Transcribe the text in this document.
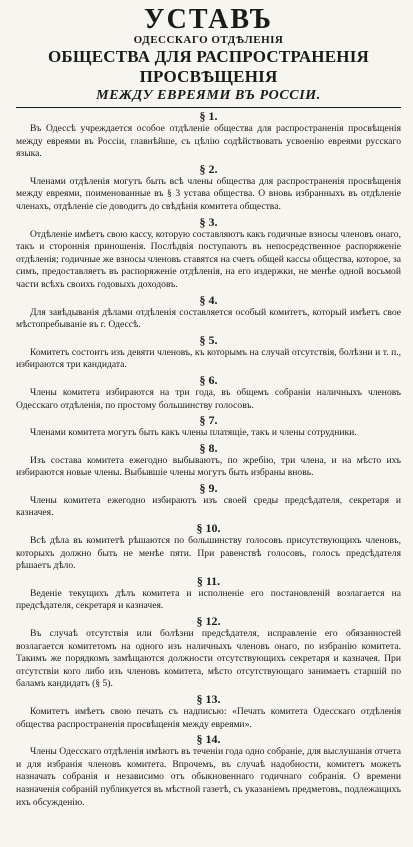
УСТАВЪ
ОДЕССКАГО ОТДѢЛЕНІЯ
ОБЩЕСТВА ДЛЯ РАСПРОСТРАНЕНІЯ ПРОСВѢЩЕНІЯ
МЕЖДУ ЕВРЕЯМИ ВЪ РОССІИ.
§ 1.

Въ Одессѣ учреждается особое отдѣленіе общества для распространенія просвѣщенія между евреями въ Россіи, главнѣйше, съ цѣлію содѣйствовать усвоенію евреями русскаго языка.

§ 2.

Членами отдѣленія могутъ быть всѣ члены общества для распространенія просвѣщенія между евреями, поименованные въ § 3 устава общества. О вновь избранныхъ въ отдѣленіе членахъ, отдѣленіе сіе доводитъ до свѣдѣнія комитета общества.

§ 3.

Отдѣленіе имѣетъ свою кассу, которую составляютъ какъ годичные взносы членовъ онаго, такъ и стороннія приношенія. Послѣдвія поступаютъ въ непосредственное распоряженіе отдѣленія; годичные же взносы членовъ ставятся на счетъ общей кассы общества, которое, за симъ, предоставляетъ въ распоряженіе отдѣленія, на его издержки, не менѣе одной восьмой части всѣхъ своихъ годовыхъ доходовъ.

§ 4.

Для завѣдыванія дѣлами отдѣленія составляется особый комитетъ, который имѣетъ свое мѣстопребываніе въ г. Одессѣ.

§ 5.

Комитетъ состоитъ изъ девяти членовъ, къ которымъ на случай отсутствія, болѣзни и т. п., избираются три кандидата.

§ 6.

Члены комитета избираются на три года, въ общемъ собраніи наличныхъ членовъ Одесскаго отдѣленія, по простому большинству голосовъ.

§ 7.

Членами комитета могутъ быть какъ члены платящіе, такъ и члены сотрудники.

§ 8.

Изъ состава комитета ежегодно выбываютъ, по жребію, три члена, и на мѣсто ихъ избираются новые члены. Выбывшіе члены могутъ быть избраны вновь.

§ 9.

Члены комитета ежегодно избираютъ изъ своей среды предсѣдателя, секретаря и казначея.

§ 10.

Всѣ дѣла въ комитетѣ рѣшаются по большинству голосовъ присутствующихъ членовъ, которыхъ должно быть не менѣе пяти. При равенствѣ голосовъ, голосъ предсѣдателя рѣшаетъ дѣло.

§ 11.

Веденіе текущихъ дѣлъ комитета и исполненіе его постановленій возлагается на предсѣдателя, секретаря и казначея.

§ 12.

Въ случаѣ отсутствія или болѣзни предсѣдателя, исправленіе его обязанностей возлагается комитетомъ на одного изъ наличныхъ членовъ онаго, по избранію комитета. Такимъ же порядкомъ замѣщаются должности отсутствующихъ секретаря и казначея. При отсутствіи кого либо изъ членовъ комитета, мѣсто отсутствующаго занимаетъ старшій по баламъ кандидатъ (§ 5).

§ 13.

Комитетъ имѣетъ свою печать съ надписью: «Печать комитета Одесскаго отдѣленія общества распространенія просвѣщенія между евреями».

§ 14.

Члены Одесскаго отдѣленія имѣютъ въ теченіи года одно собраніе, для выслушанія отчета и для избранія членовъ комитета. Впрочемъ, въ случаѣ надобности, комитетъ можетъ назначать собранія и независимо отъ обыкновеннаго годичнаго собранія. О времени назначенія собраній публикуется въ мѣстной газетѣ, съ указаніемъ предметовъ, подлежащихъ ихъ обсужденію.
